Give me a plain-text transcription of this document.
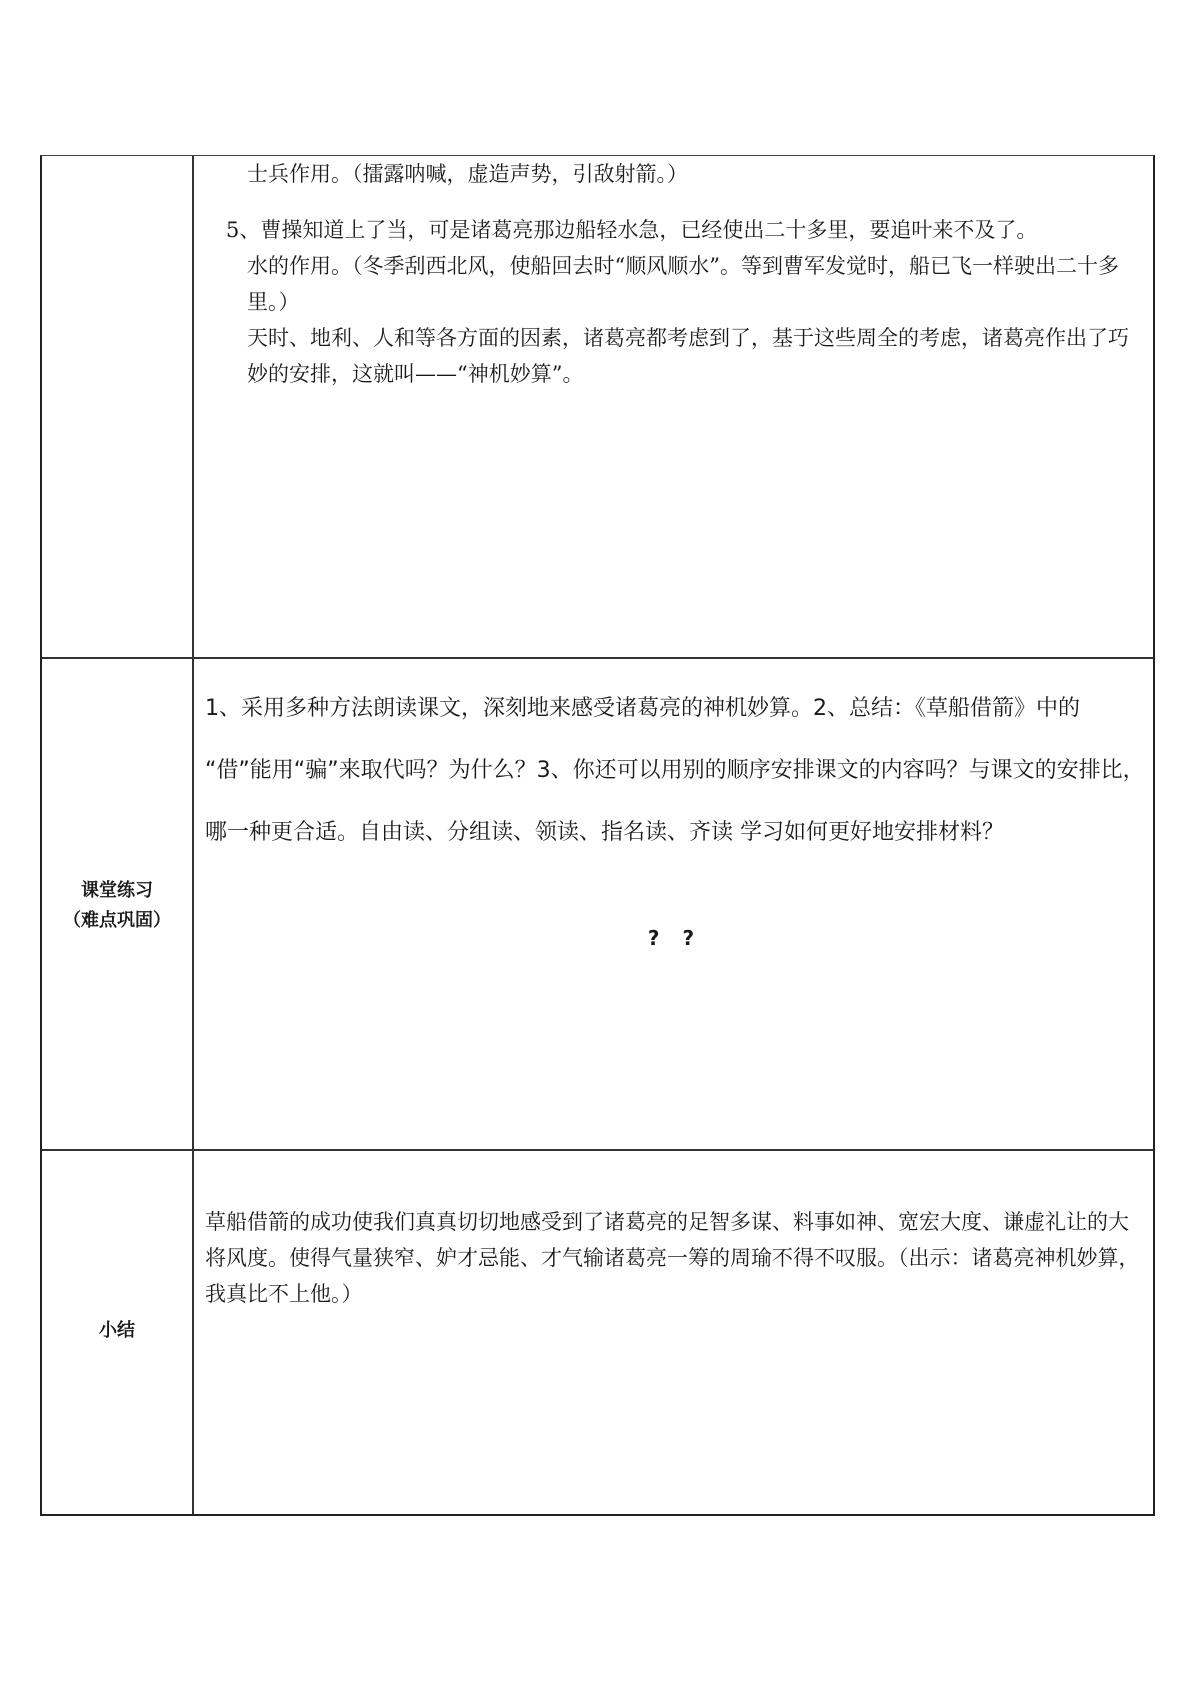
士兵作用。（擂露呐喊，虚造声势，引敌射箭。）

5、曹操知道上了当，可是诸葛亮那边船轻水急，已经使出二十多里，要追叶来不及了。

水的作用。（冬季刮西北风，使船回去时“顺风顺水”。等到曹军发觉时，船已飞一样驶出二十多里。）

天时、地利、人和等各方面的因素，诸葛亮都考虑到了，基于这些周全的考虑，诸葛亮作出了巧妙的安排，这就叫——“神机妙算”。

课堂练习
（难点巩固）
1、采用多种方法朗读课文，深刻地来感受诸葛亮的神机妙算。2、总结：《草船借箭》中的 “借”能用“骗”来取代吗？为什么？3、你还可以用别的顺序安排课文的内容吗？与课文的安排比，哪一种更合适。自由读、分组读、领读、指名读、齐读 学习如何更好地安排材料？
? ?
小结
草船借箭的成功使我们真真切切地感受到了诸葛亮的足智多谋、料事如神、宽宏大度、谦虚礼让的大将风度。使得气量狭窄、妒才忌能、才气输诸葛亮一筹的周瑜不得不叹服。（出示：诸葛亮神机妙算，我真比不上他。）
